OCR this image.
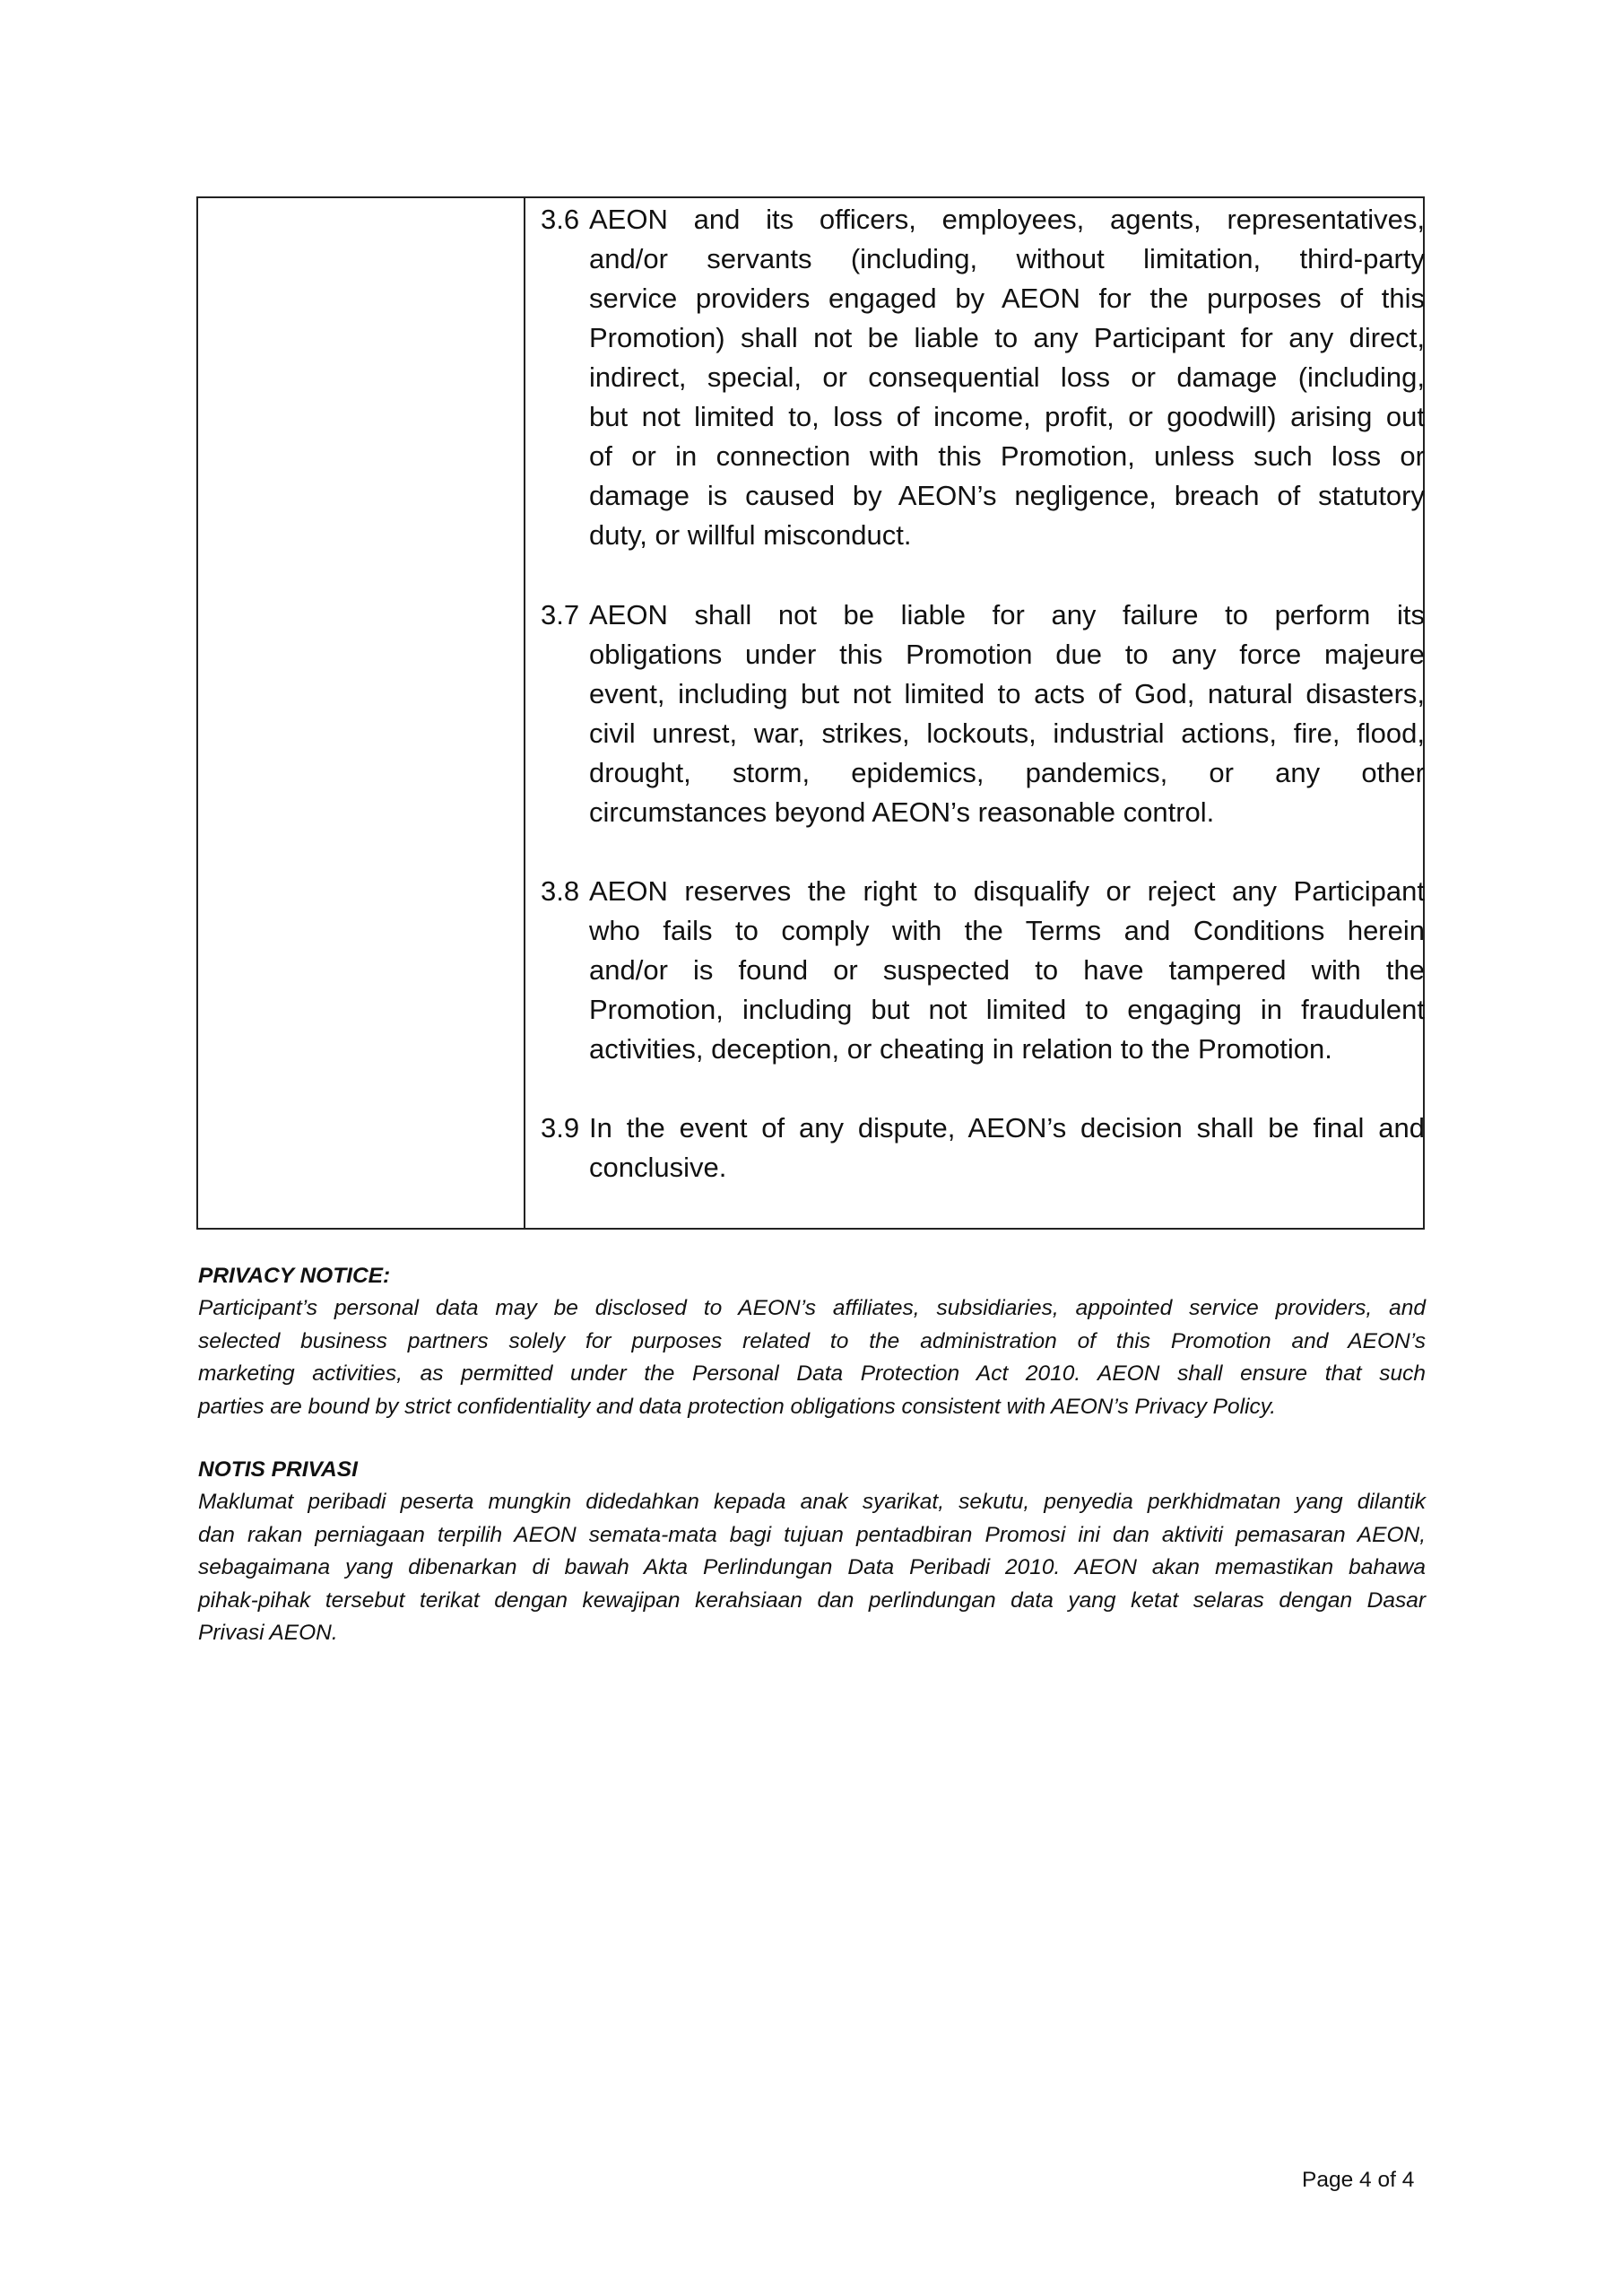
3.6 AEON and its officers, employees, agents, representatives,
and/or servants (including, without limitation, third-party
service providers engaged by AEON for the purposes of this
Promotion) shall not be liable to any Participant for any direct,
indirect, special, or consequential loss or damage (including,
but not limited to, loss of income, profit, or goodwill) arising out
of or in connection with this Promotion, unless such loss or
damage is caused by AEON’s negligence, breach of statutory
duty, or willful misconduct.
3.7 AEON shall not be liable for any failure to perform its
obligations under this Promotion due to any force majeure
event, including but not limited to acts of God, natural disasters,
civil unrest, war, strikes, lockouts, industrial actions, fire, flood,
drought, storm, epidemics, pandemics, or any other
circumstances beyond AEON’s reasonable control.
3.8 AEON reserves the right to disqualify or reject any Participant
who fails to comply with the Terms and Conditions herein
and/or is found or suspected to have tampered with the
Promotion, including but not limited to engaging in fraudulent
activities, deception, or cheating in relation to the Promotion.
3.9 In the event of any dispute, AEON’s decision shall be final and
conclusive.
PRIVACY NOTICE:
Participant’s personal data may be disclosed to AEON’s affiliates, subsidiaries, appointed service providers, and
selected business partners solely for purposes related to the administration of this Promotion and AEON’s
marketing activities, as permitted under the Personal Data Protection Act 2010. AEON shall ensure that such
parties are bound by strict confidentiality and data protection obligations consistent with AEON’s Privacy Policy.
NOTIS PRIVASI
Maklumat peribadi peserta mungkin didedahkan kepada anak syarikat, sekutu, penyedia perkhidmatan yang dilantik
dan rakan perniagaan terpilih AEON semata-mata bagi tujuan pentadbiran Promosi ini dan aktiviti pemasaran AEON,
sebagaimana yang dibenarkan di bawah Akta Perlindungan Data Peribadi 2010. AEON akan memastikan bahawa
pihak-pihak tersebut terikat dengan kewajipan kerahsiaan dan perlindungan data yang ketat selaras dengan Dasar
Privasi AEON.
Page 4 of 4
